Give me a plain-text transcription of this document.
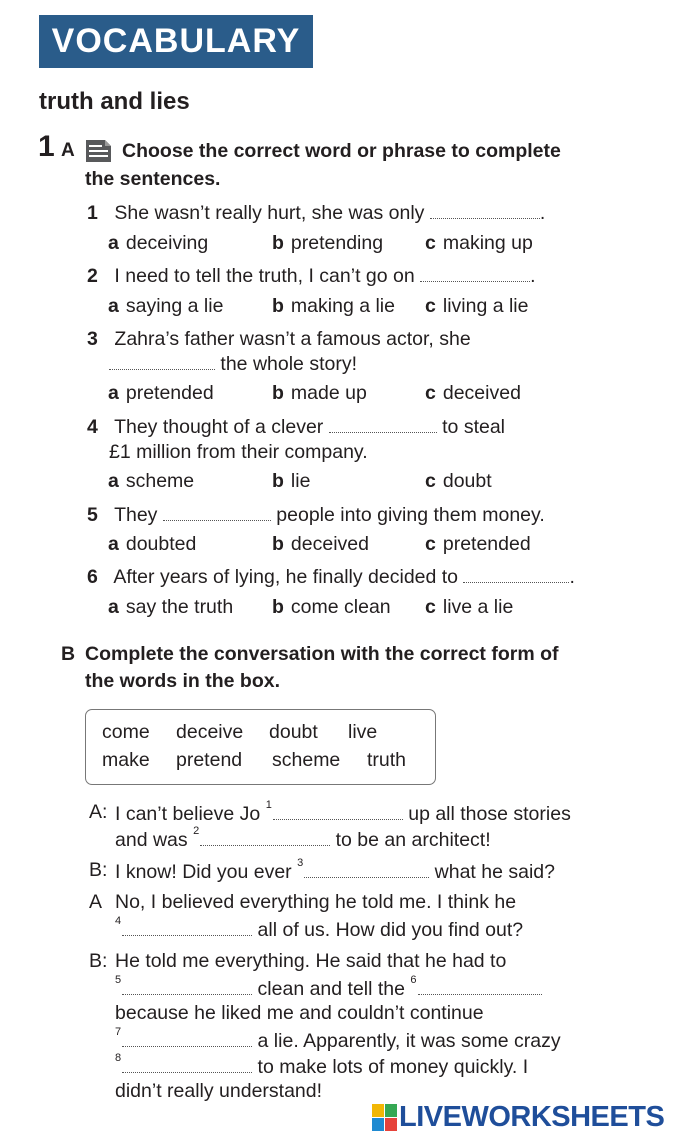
VOCABULARY
truth and lies
1 A Choose the correct word or phrase to complete
the sentences.
1 She wasn’t really hurt, she was only	.
a deceiving	b pretending c making up
2 I need to tell the truth, I can’t go on	.
a saying a lie b making a lie c living a lie
3 Zahra’s father wasn’t a famous actor, she
the whole story!
a pretended	b made up	c deceived
4 They thought of a clever	to steal
£1 million from their company.
a scheme	b lie	c doubt
5 They	people into giving them money.
a doubted	b deceived	c pretended
6 After years of lying, he finally decided to	.
a say the truth b come clean c live a lie
B Complete the conversation with the correct form of
the words in the box.
come deceive doubt live
make pretend scheme truth
A: I can’t believe Jo $^1$	up all those stories
and was $^2$	to be an architect!
B: I know! Did you ever $^3$	what he said?
A No, I believed everything he told me. I think he
$^4$	all of us. How did you find out?
B: He told me everything. He said that he had to
$^5$	clean and tell the $^6$
because he liked me and couldn’t continue
$^7$	a lie. Apparently, it was some crazy
$^8$	to make lots of money quickly. I
didn’t really understand!
LIVEWORKSHEETS
